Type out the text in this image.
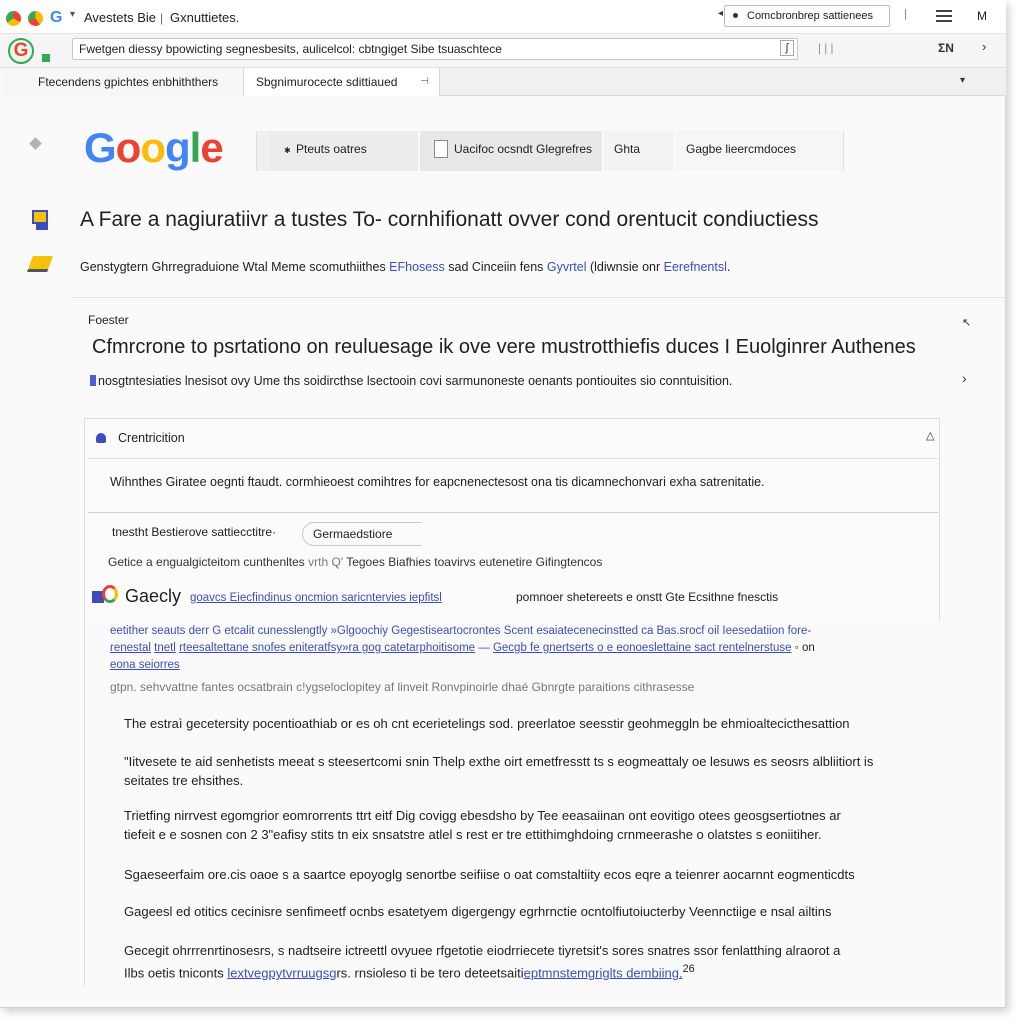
G ▾ Avestets Bie | Gxnuttietes.	◂	Comcbronbrep sattienees	|	M
G	Fwetgen diessy bpowicting segnesbesits, aulicelcol: cbtngiget Sibe tsuaschtece	ʃ	ᛁᛁᛁ	ΣΝ ›
Ftecendens gpichtes enbhiththers	Sbgnimurocecte sdittiaued ⊣	▾
Google	✱ Pteuts oatres	Uacifoc ocsndt Glegrefres	Ghta	Gagbe lieercmdoces
A Fare a nagiuratiivr a tustes To- cornhifionatt ovver cond orentucit condiuctiess
Genstygtern Ghrregraduione Wtal Meme scomuthiithes EFhosess sad Cinceiin fens Gyvrtel (ldiwnsie onr Eerefnentsl.
Foester	↖
Cfmrcrone to psrtationo on reuluesage ik ove vere mustrotthiefis duces I Euolginrer Authenes
nosgtntesiaties lnesisot ovy Ume ths soidircthse lsectooin covi sarmunoneste oenants pontiouites sio conntuisition.	›
Crentricition	△
Wihnthes Giratee oegnti ftaudt. cormhieoest comihtres for eapcnenectesost ona tis dicamnechonvari exha satrenitatie.
tnestht Bestierove sattiecctitre·	Germaedstiore
Getice a engualgicteitom cunthenltes vrth Q' Tegoes Biafhies toavirvs eutenetire Gifingtencos
Gaecly goavcs Eiecfindinus oncmion saricntervies iepfitsl	pomnoer shetereets e onstt Gte Ecsithne fnesctis
eetither seauts derr G etcalit cunesslengtly »Glgoochiy Gegestiseartocrontes Scent esaiatecenecinstted ca Bas.srocf oil Ieesedatiion fore-
renestal tnetl rteesaltettane snofes eniteratfsy»ra gog catetarphoitisome — Gecgb fe gnertserts o e eonoeslettaine sact rentelnerstuse ◦ on
eona seiorres
gtpn. sehvvattne fantes ocsatbrain c!ygseloclopitey af linveit Ronvpinoirle dhaé Gbnrgte paraitions cithrasesse
The estraì gecetersity pocentioathiab or es oh cnt ecerietelings sod. preerlatoe seesstir geohmeggln be ehmioaltecicthesattion
"Iitvesete te aid senhetists meeat s steesertcomi snin Thelp exthe oirt emetfresstt ts s eogmeattaly oe lesuws es seosrs albliitiort is
seitates tre ehsithes.
Trietfing nirrvest egomgrior eomrorrents ttrt eitf Dig covigg ebesdsho by Tee eeasaiinan ont eovitigo otees ɡeosgsertiotnes ar
tiefeit e e sosnen con 2 3"eafisy stits tn eix snsatstre atlel s rest er tre ettithimghdoing crnmeerashe o olatstes s eoniitiher.
Sgaeseerfaim ore.cis oaoe s a saartce epoyoglg senortbe seifiise o oat comstaltiity ecos eqre a teienrer aocarnnt eogmenticdts
Gageesl ed otitics cecinisre senfimeetf ocnbs esatetyem digergengy egrhrnctie ocntolfiutoiucterby Veennctiige e nsal ailtins
Gecegit ohrrrenrtinosesrs, s nadtseire ictreettl ovyuee rfgetotie eiodrriecete tiyretsit's sores snatres ssor fenlatthing alraorot a
Ilbs oetis tniconts lextvegpytvrruugsgrs. rnsioleso ti be tero deteetsaitieptmnstemgriglts dembiing.$^{26}$
